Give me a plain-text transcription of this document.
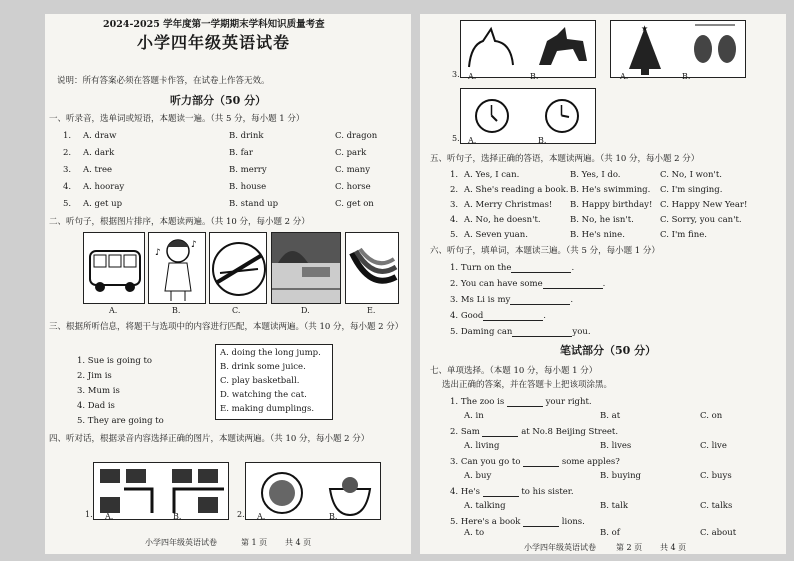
2024-2025 学年度第一学期期末学科知识质量考查
小学四年级英语试卷
说明：所有答案必须在答题卡作答，在试卷上作答无效。
听力部分（50 分）
一、听录音，选单词或短语，本题读一遍。（共 5 分，每小题 1 分）
1. A. draw	B. drink	C. dragon
2. A. dark	B. far	C. park
3. A. tree	B. merry	C. many
4. A. hooray	B. house	C. horse
5. A. get up	B. stand up	C. get on
二、听句子，根据图片排序，本题读两遍。（共 10 分，每小题 2 分）
♪
♪
A.	B.	C.	D.	E.
三、根据所听信息，将题干与选项中的内容进行匹配，本题读两遍。（共 10 分，每小题 2 分）
1. Sue is going to
2. Jim is
3. Mum is
4. Dad is
5. They are going to
A. doing the long jump.
B. drink some juice.
C. play basketball.
D. watching the cat.
E. making dumplings.
四、听对话，根据录音内容选择正确的图片，本题读两遍。（共 10 分，每小题 2 分）
1. A.	B.	2. A.	B.
小学四年级英语试卷	第 1 页 共 4 页
★
3. A.	B.	A.	B.
5. A.	B.
五、听句子，选择正确的答语，本题读两遍。（共 10 分，每小题 2 分）
1. A. Yes, I can.	B. Yes, I do.	C. No, I won't.
2. A. She's reading a book. B. He's swimming. C. I'm singing.
3. A. Merry Christmas! B. Happy birthday! C. Happy New Year!
4. A. No, he doesn't.	B. No, he isn't.	C. Sorry, you can't.
5. A. Seven yuan.	B. He's nine.	C. I'm fine.
六、听句子，填单词，本题读三遍。（共 5 分，每小题 1 分）
1. Turn on the	.
2. You can have some	.
3. Ms Li is my	.
4. Good	.
5. Daming can	you.
笔试部分（50 分）
七、单项选择。（本题 10 分，每小题 1 分）
选出正确的答案，并在答题卡上把该项涂黑。
1. The zoo is	your right.
A. in	B. at	C. on
2. Sam	at No.8 Beijing Street.
A. living	B. lives	C. live
3. Can you go to	some apples?
A. buy	B. buying	C. buys
4. He's	to his sister.
A. talking	B. talk	C. talks
5. Here's a book	lions.
A. to	B. of	C. about
小学四年级英语试卷	第 2 页 共 4 页
